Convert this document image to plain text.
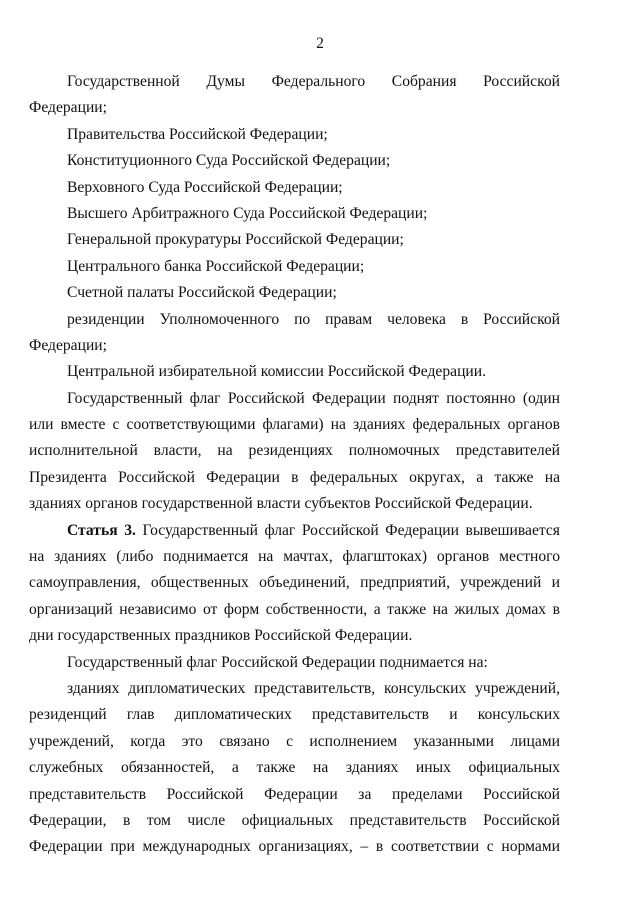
2
Государственной Думы Федерального Собрания Российской
Федерации;
Правительства Российской Федерации;
Конституционного Суда Российской Федерации;
Верховного Суда Российской Федерации;
Высшего Арбитражного Суда Российской Федерации;
Генеральной прокуратуры Российской Федерации;
Центрального банка Российской Федерации;
Счетной палаты Российской Федерации;
резиденции Уполномоченного по правам человека в Российской
Федерации;
Центральной избирательной комиссии Российской Федерации.
Государственный флаг Российской Федерации поднят постоянно (один
или вместе с соответствующими флагами) на зданиях федеральных органов
исполнительной власти, на резиденциях полномочных представителей
Президента Российской Федерации в федеральных округах, а также на
зданиях органов государственной власти субъектов Российской Федерации.
Статья 3. Государственный флаг Российской Федерации вывешивается
на зданиях (либо поднимается на мачтах, флагштоках) органов местного
самоуправления, общественных объединений, предприятий, учреждений и
организаций независимо от форм собственности, а также на жилых домах в
дни государственных праздников Российской Федерации.
Государственный флаг Российской Федерации поднимается на:
зданиях дипломатических представительств, консульских учреждений,
резиденций глав дипломатических представительств и консульских
учреждений, когда это связано с исполнением указанными лицами
служебных обязанностей, а также на зданиях иных официальных
представительств Российской Федерации за пределами Российской
Федерации, в том числе официальных представительств Российской
Федерации при международных организациях, – в соответствии с нормами
